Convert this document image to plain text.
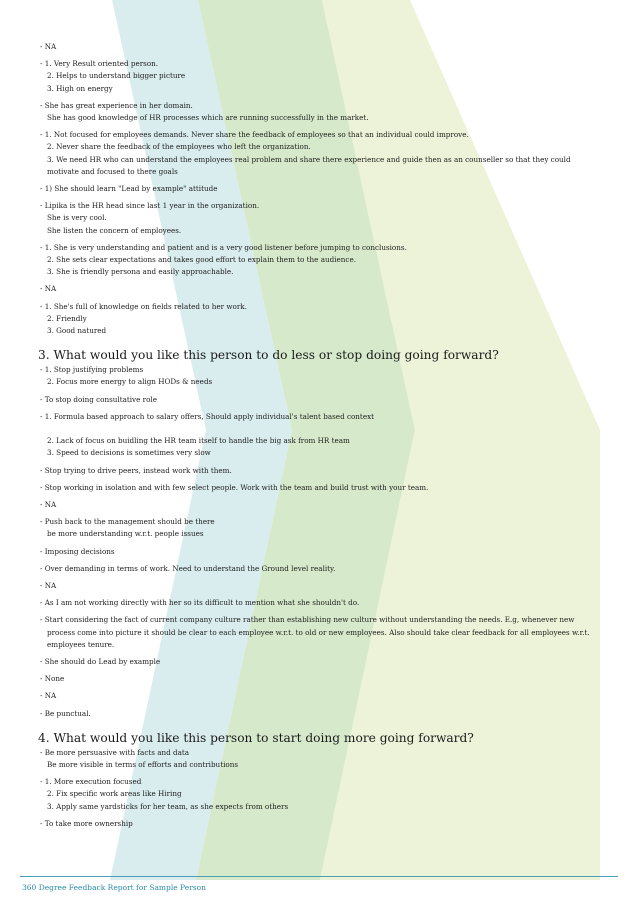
- NA
- 1. Very Result oriented person.
2. Helps to understand bigger picture
3. High on energy
- She has great experience in her domain.
She has good knowledge of HR processes which are running successfully in the market.
- 1. Not focused for employees demands. Never share the feedback of employees so that an individual could improve.
2. Never share the feedback of the employees who left the organization.
3. We need HR who can understand the employees real problem and share there experience and guide then as an counseller so that they could
motivate and focused to there goals
- 1) She should learn "Lead by example" attitude
- Lipika is the HR head since last 1 year in the organization.
She is very cool.
She listen the concern of employees.
- 1. She is very understanding and patient and is a very good listener before jumping to conclusions.
2. She sets clear expectations and takes good effort to explain them to the audience.
3. She is friendly persona and easily approachable.
- NA
- 1. She's full of knowledge on fields related to her work.
2. Friendly
3. Good natured
3. What would you like this person to do less or stop doing going forward?
- 1. Stop justifying problems
2. Focus more energy to align HODs & needs
- To stop doing consultative role
- 1. Formula based approach to salary offers, Should apply individual's talent based context
2. Lack of focus on buidling the HR team itself to handle the big ask from HR team
3. Speed to decisions is sometimes very slow
- Stop trying to drive peers, instead work with them.
- Stop working in isolation and with few select people. Work with the team and build trust with your team.
- NA
- Push back to the management should be there
be more understanding w.r.t. people issues
- Imposing decisions
- Over demanding in terms of work. Need to understand the Ground level reality.
- NA
- As I am not working directly with her so its difficult to mention what she shouldn't do.
- Start considering the fact of current company culture rather than establishing new culture without understanding the needs. E.g, whenever new
process come into picture it should be clear to each employee w.r.t. to old or new employees. Also should take clear feedback for all employees w.r.t.
employees tenure.
- She should do Lead by example
- None
- NA
- Be punctual.
4. What would you like this person to start doing more going forward?
- Be more persuasive with facts and data
Be more visible in terms of efforts and contributions
- 1. More execution focused
2. Fix specific work areas like Hiring
3. Apply same yardsticks for her team, as she expects from others
- To take more ownership
360 Degree Feedback Report for Sample Person
